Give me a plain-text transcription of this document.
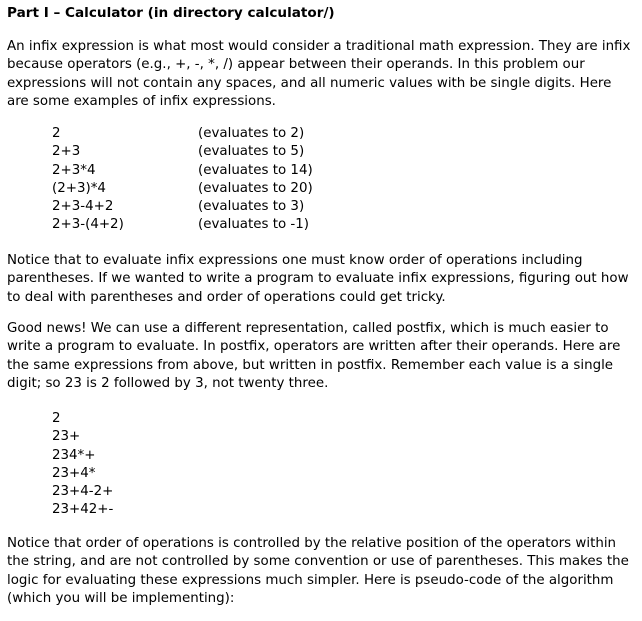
Part I – Calculator (in directory calculator/)

An infix expression is what most would consider a traditional math expression. They are infix because operators (e.g., +, -, *, /) appear between their operands. In this problem our expressions will not contain any spaces, and all numeric values with be single digits. Here are some examples of infix expressions.

2	(evaluates to 2)
2+3	(evaluates to 5)
2+3*4	(evaluates to 14)
(2+3)*4	(evaluates to 20)
2+3-4+2	(evaluates to 3)
2+3-(4+2)	(evaluates to -1)

Notice that to evaluate infix expressions one must know order of operations including parentheses. If we wanted to write a program to evaluate infix expressions, figuring out how to deal with parentheses and order of operations could get tricky.

Good news! We can use a different representation, called postfix, which is much easier to write a program to evaluate. In postfix, operators are written after their operands. Here are the same expressions from above, but written in postfix. Remember each value is a single digit; so 23 is 2 followed by 3, not twenty three.

2
23+
234*+
23+4*
23+4-2+
23+42+-

Notice that order of operations is controlled by the relative position of the operators within the string, and are not controlled by some convention or use of parentheses. This makes the logic for evaluating these expressions much simpler. Here is pseudo-code of the algorithm (which you will be implementing):
